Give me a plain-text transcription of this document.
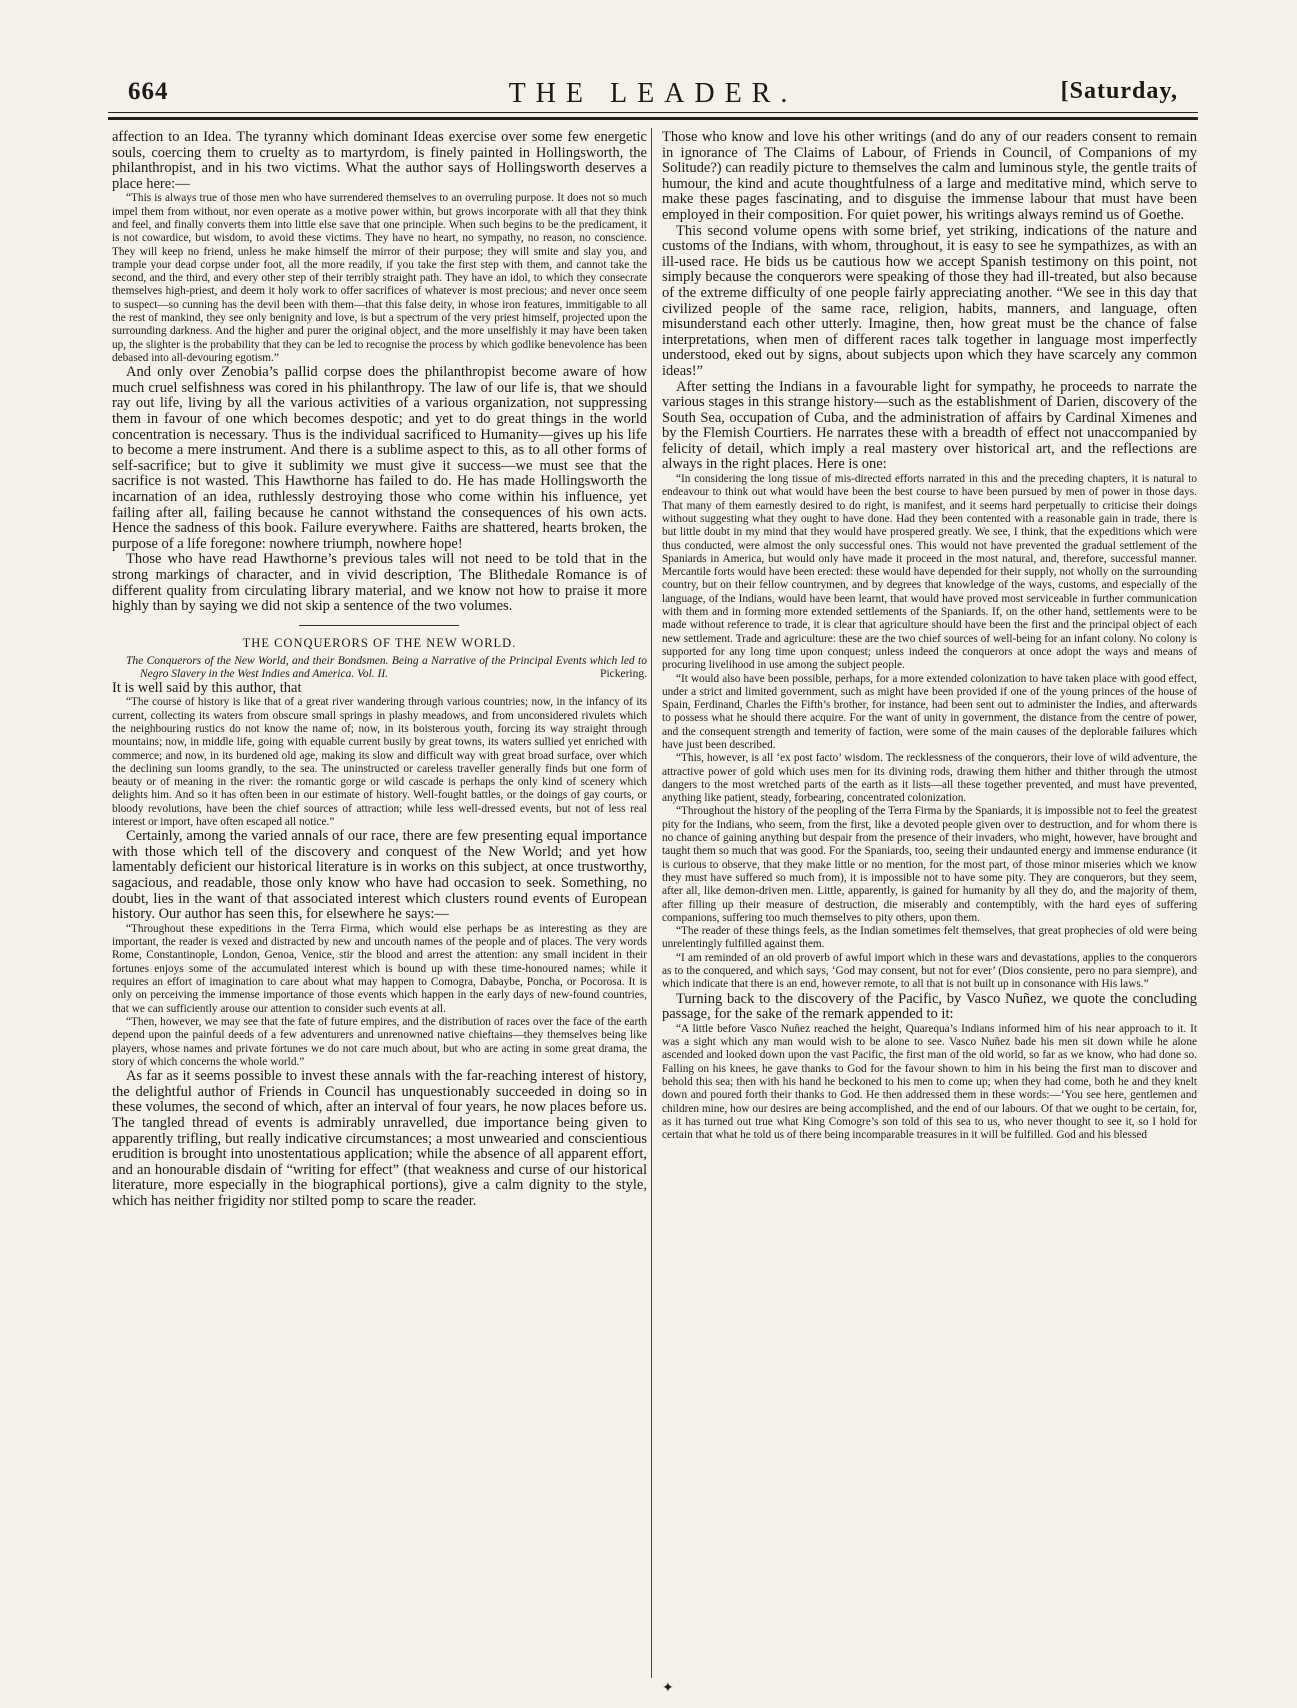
664	THE LEADER.	[Saturday,

affection to an Idea. The tyranny which dominant Ideas exercise over some few energetic souls, coercing them to cruelty as to martyrdom, is finely painted in Hollingsworth, the philanthropist, and in his two victims. What the author says of Hollingsworth deserves a place here:—

“This is always true of those men who have surrendered themselves to an overruling purpose. It does not so much impel them from without, nor even operate as a motive power within, but grows incorporate with all that they think and feel, and finally converts them into little else save that one principle. When such begins to be the predicament, it is not cowardice, but wisdom, to avoid these victims. They have no heart, no sympathy, no reason, no conscience. They will keep no friend, unless he make himself the mirror of their purpose; they will smite and slay you, and trample your dead corpse under foot, all the more readily, if you take the first step with them, and cannot take the second, and the third, and every other step of their terribly straight path. They have an idol, to which they consecrate themselves high-priest, and deem it holy work to offer sacrifices of whatever is most precious; and never once seem to suspect—so cunning has the devil been with them—that this false deity, in whose iron features, immitigable to all the rest of mankind, they see only benignity and love, is but a spectrum of the very priest himself, projected upon the surrounding darkness. And the higher and purer the original object, and the more unselfishly it may have been taken up, the slighter is the probability that they can be led to recognise the process by which godlike benevolence has been debased into all-devouring egotism.”

And only over Zenobia’s pallid corpse does the philanthropist become aware of how much cruel selfishness was cored in his philanthropy. The law of our life is, that we should ray out life, living by all the various activities of a various organization, not suppressing them in favour of one which becomes despotic; and yet to do great things in the world concentration is necessary. Thus is the individual sacrificed to Humanity—gives up his life to become a mere instrument. And there is a sublime aspect to this, as to all other forms of self-sacrifice; but to give it sublimity we must give it success—we must see that the sacrifice is not wasted. This Hawthorne has failed to do. He has made Hollingsworth the incarnation of an idea, ruthlessly destroying those who come within his influence, yet failing after all, failing because he cannot withstand the consequences of his own acts. Hence the sadness of this book. Failure everywhere. Faiths are shattered, hearts broken, the purpose of a life foregone: nowhere triumph, nowhere hope!

Those who have read Hawthorne’s previous tales will not need to be told that in the strong markings of character, and in vivid description, The Blithedale Romance is of different quality from circulating library material, and we know not how to praise it more highly than by saying we did not skip a sentence of the two volumes.

THE CONQUERORS OF THE NEW WORLD.

The Conquerors of the New World, and their Bondsmen. Being a Narrative of the Principal Events which led to Negro Slavery in the West Indies and America. Vol. II.	Pickering.

It is well said by this author, that

“The course of history is like that of a great river wandering through various countries; now, in the infancy of its current, collecting its waters from obscure small springs in plashy meadows, and from unconsidered rivulets which the neighbouring rustics do not know the name of; now, in its boisterous youth, forcing its way straight through mountains; now, in middle life, going with equable current busily by great towns, its waters sullied yet enriched with commerce; and now, in its burdened old age, making its slow and difficult way with great broad surface, over which the declining sun looms grandly, to the sea. The uninstructed or careless traveller generally finds but one form of beauty or of meaning in the river: the romantic gorge or wild cascade is perhaps the only kind of scenery which delights him. And so it has often been in our estimate of history. Well-fought battles, or the doings of gay courts, or bloody revolutions, have been the chief sources of attraction; while less well-dressed events, but not of less real interest or import, have often escaped all notice.”

Certainly, among the varied annals of our race, there are few presenting equal importance with those which tell of the discovery and conquest of the New World; and yet how lamentably deficient our historical literature is in works on this subject, at once trustworthy, sagacious, and readable, those only know who have had occasion to seek. Something, no doubt, lies in the want of that associated interest which clusters round events of European history. Our author has seen this, for elsewhere he says:—

“Throughout these expeditions in the Terra Firma, which would else perhaps be as interesting as they are important, the reader is vexed and distracted by new and uncouth names of the people and of places. The very words Rome, Constantinople, London, Genoa, Venice, stir the blood and arrest the attention: any small incident in their fortunes enjoys some of the accumulated interest which is bound up with these time-honoured names; while it requires an effort of imagination to care about what may happen to Comogra, Dabaybe, Poncha, or Pocorosa. It is only on perceiving the immense importance of those events which happen in the early days of new-found countries, that we can sufficiently arouse our attention to consider such events at all.

“Then, however, we may see that the fate of future empires, and the distribution of races over the face of the earth depend upon the painful deeds of a few adventurers and unrenowned native chieftains—they themselves being like players, whose names and private fortunes we do not care much about, but who are acting in some great drama, the story of which concerns the whole world.”

As far as it seems possible to invest these annals with the far-reaching interest of history, the delightful author of Friends in Council has unquestionably succeeded in doing so in these volumes, the second of which, after an interval of four years, he now places before us. The tangled thread of events is admirably unravelled, due importance being given to apparently trifling, but really indicative circumstances; a most unwearied and conscientious erudition is brought into unostentatious application; while the absence of all apparent effort, and an honourable disdain of “writing for effect” (that weakness and curse of our historical literature, more especially in the biographical portions), give a calm dignity to the style, which has neither frigidity nor stilted pomp to scare the reader.

Those who know and love his other writings (and do any of our readers consent to remain in ignorance of The Claims of Labour, of Friends in Council, of Companions of my Solitude?) can readily picture to themselves the calm and luminous style, the gentle traits of humour, the kind and acute thoughtfulness of a large and meditative mind, which serve to make these pages fascinating, and to disguise the immense labour that must have been employed in their composition. For quiet power, his writings always remind us of Goethe.

This second volume opens with some brief, yet striking, indications of the nature and customs of the Indians, with whom, throughout, it is easy to see he sympathizes, as with an ill-used race. He bids us be cautious how we accept Spanish testimony on this point, not simply because the conquerors were speaking of those they had ill-treated, but also because of the extreme difficulty of one people fairly appreciating another. “We see in this day that civilized people of the same race, religion, habits, manners, and language, often misunderstand each other utterly. Imagine, then, how great must be the chance of false interpretations, when men of different races talk together in language most imperfectly understood, eked out by signs, about subjects upon which they have scarcely any common ideas!”

After setting the Indians in a favourable light for sympathy, he proceeds to narrate the various stages in this strange history—such as the establishment of Darien, discovery of the South Sea, occupation of Cuba, and the administration of affairs by Cardinal Ximenes and by the Flemish Courtiers. He narrates these with a breadth of effect not unaccompanied by felicity of detail, which imply a real mastery over historical art, and the reflections are always in the right places. Here is one:

“In considering the long tissue of mis-directed efforts narrated in this and the preceding chapters, it is natural to endeavour to think out what would have been the best course to have been pursued by men of power in those days. That many of them earnestly desired to do right, is manifest, and it seems hard perpetually to criticise their doings without suggesting what they ought to have done. Had they been contented with a reasonable gain in trade, there is but little doubt in my mind that they would have prospered greatly. We see, I think, that the expeditions which were thus conducted, were almost the only successful ones. This would not have prevented the gradual settlement of the Spaniards in America, but would only have made it proceed in the most natural, and, therefore, successful manner. Mercantile forts would have been erected: these would have depended for their supply, not wholly on the surrounding country, but on their fellow countrymen, and by degrees that knowledge of the ways, customs, and especially of the language, of the Indians, would have been learnt, that would have proved most serviceable in further communication with them and in forming more extended settlements of the Spaniards. If, on the other hand, settlements were to be made without reference to trade, it is clear that agriculture should have been the first and the principal object of each new settlement. Trade and agriculture: these are the two chief sources of well-being for an infant colony. No colony is supported for any long time upon conquest; unless indeed the conquerors at once adopt the ways and means of procuring livelihood in use among the subject people.

“It would also have been possible, perhaps, for a more extended colonization to have taken place with good effect, under a strict and limited government, such as might have been provided if one of the young princes of the house of Spain, Ferdinand, Charles the Fifth’s brother, for instance, had been sent out to administer the Indies, and afterwards to possess what he should there acquire. For the want of unity in government, the distance from the centre of power, and the consequent strength and temerity of faction, were some of the main causes of the deplorable failures which have just been described.

“This, however, is all ‘ex post facto’ wisdom. The recklessness of the conquerors, their love of wild adventure, the attractive power of gold which uses men for its divining rods, drawing them hither and thither through the utmost dangers to the most wretched parts of the earth as it lists—all these together prevented, and must have prevented, anything like patient, steady, forbearing, concentrated colonization.

“Throughout the history of the peopling of the Terra Firma by the Spaniards, it is impossible not to feel the greatest pity for the Indians, who seem, from the first, like a devoted people given over to destruction, and for whom there is no chance of gaining anything but despair from the presence of their invaders, who might, however, have brought and taught them so much that was good. For the Spaniards, too, seeing their undaunted energy and immense endurance (it is curious to observe, that they make little or no mention, for the most part, of those minor miseries which we know they must have suffered so much from), it is impossible not to have some pity. They are conquerors, but they seem, after all, like demon-driven men. Little, apparently, is gained for humanity by all they do, and the majority of them, after filling up their measure of destruction, die miserably and contemptibly, with the hard eyes of suffering companions, suffering too much themselves to pity others, upon them.

“The reader of these things feels, as the Indian sometimes felt themselves, that great prophecies of old were being unrelentingly fulfilled against them.

“I am reminded of an old proverb of awful import which in these wars and devastations, applies to the conquerors as to the conquered, and which says, ‘God may consent, but not for ever’ (Dios consiente, pero no para siempre), and which indicate that there is an end, however remote, to all that is not built up in consonance with His laws.”

Turning back to the discovery of the Pacific, by Vasco Nuñez, we quote the concluding passage, for the sake of the remark appended to it:

“A little before Vasco Nuñez reached the height, Quarequa’s Indians informed him of his near approach to it. It was a sight which any man would wish to be alone to see. Vasco Nuñez bade his men sit down while he alone ascended and looked down upon the vast Pacific, the first man of the old world, so far as we know, who had done so. Falling on his knees, he gave thanks to God for the favour shown to him in his being the first man to discover and behold this sea; then with his hand he beckoned to his men to come up; when they had come, both he and they knelt down and poured forth their thanks to God. He then addressed them in these words:—‘You see here, gentlemen and children mine, how our desires are being accomplished, and the end of our labours. Of that we ought to be certain, for, as it has turned out true what King Comogre’s son told of this sea to us, who never thought to see it, so I hold for certain that what he told us of there being incomparable treasures in it will be fulfilled. God and his blessed

✦
